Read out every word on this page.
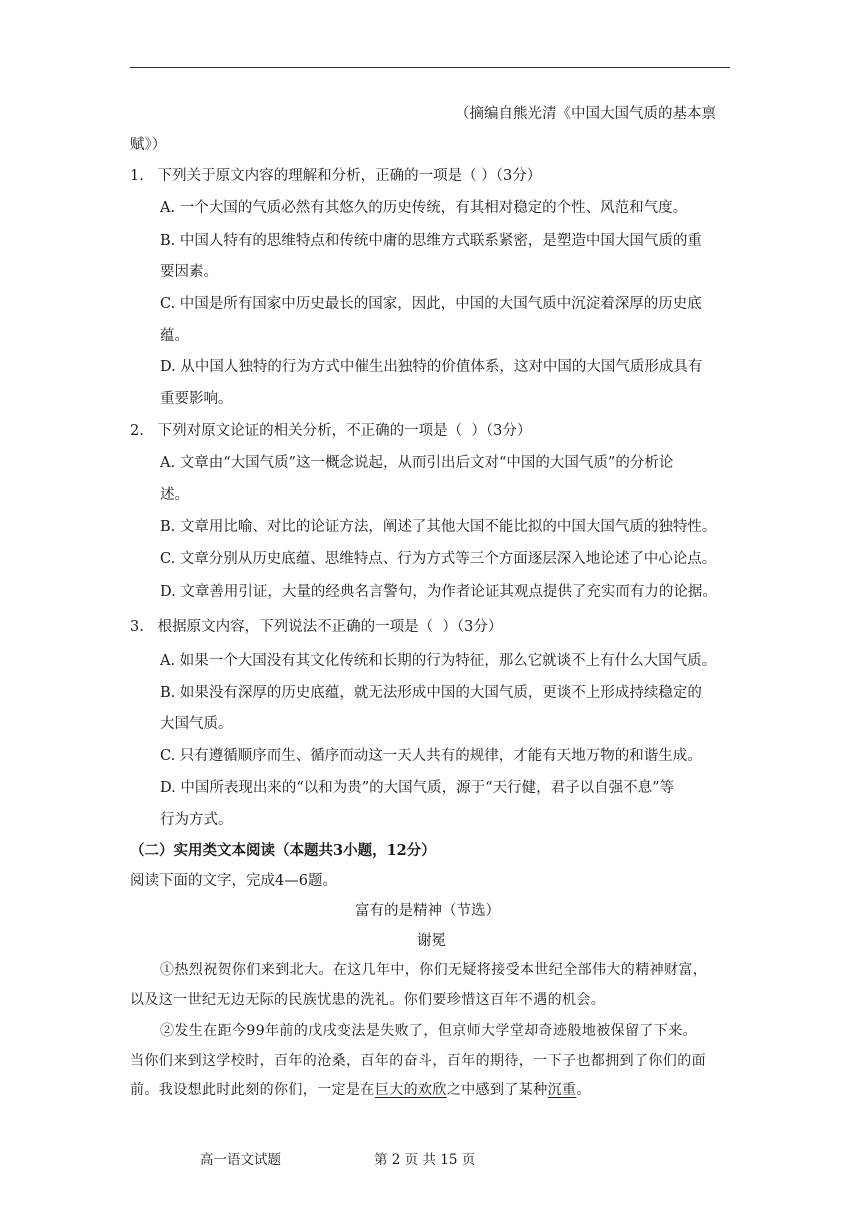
（摘编自熊光清《中国大国气质的基本禀
赋》）
1.   下列关于原文内容的理解和分析，正确的一项是（ ）（3分）
A. 一个大国的气质必然有其悠久的历史传统，有其相对稳定的个性、风范和气度。
B. 中国人特有的思维特点和传统中庸的思维方式联系紧密，是塑造中国大国气质的重
要因素。
C. 中国是所有国家中历史最长的国家，因此，中国的大国气质中沉淀着深厚的历史底
蕴。
D. 从中国人独特的行为方式中催生出独特的价值体系，这对中国的大国气质形成具有
重要影响。
2.   下列对原文论证的相关分析，不正确的一项是（  ）（3分）
A. 文章由“大国气质”这一概念说起，从而引出后文对“中国的大国气质”的分析论
述。
B. 文章用比喻、对比的论证方法，阐述了其他大国不能比拟的中国大国气质的独特性。
C. 文章分别从历史底蕴、思维特点、行为方式等三个方面逐层深入地论述了中心论点。
D. 文章善用引证，大量的经典名言警句，为作者论证其观点提供了充实而有力的论据。
3.   根据原文内容，下列说法不正确的一项是（  ）（3分）
A. 如果一个大国没有其文化传统和长期的行为特征，那么它就谈不上有什么大国气质。
B. 如果没有深厚的历史底蕴，就无法形成中国的大国气质，更谈不上形成持续稳定的
大国气质。
C. 只有遵循顺序而生、循序而动这一天人共有的规律，才能有天地万物的和谐生成。
D. 中国所表现出来的“以和为贵”的大国气质，源于“天行健，君子以自强不息”等
行为方式。
（二）实用类文本阅读（本题共3小题，12分）
阅读下面的文字，完成4—6题。
富有的是精神（节选）
谢冕
①热烈祝贺你们来到北大。在这几年中，你们无疑将接受本世纪全部伟大的精神财富，
以及这一世纪无边无际的民族忧患的洗礼。你们要珍惜这百年不遇的机会。
②发生在距今99年前的戊戌变法是失败了，但京师大学堂却奇迹般地被保留了下来。
当你们来到这学校时，百年的沧桑，百年的奋斗，百年的期待，一下子也都拥到了你们的面
前。我设想此时此刻的你们，一定是在巨大的欢欣之中感到了某种沉重。
高一语文试题	第 2 页 共 15 页
